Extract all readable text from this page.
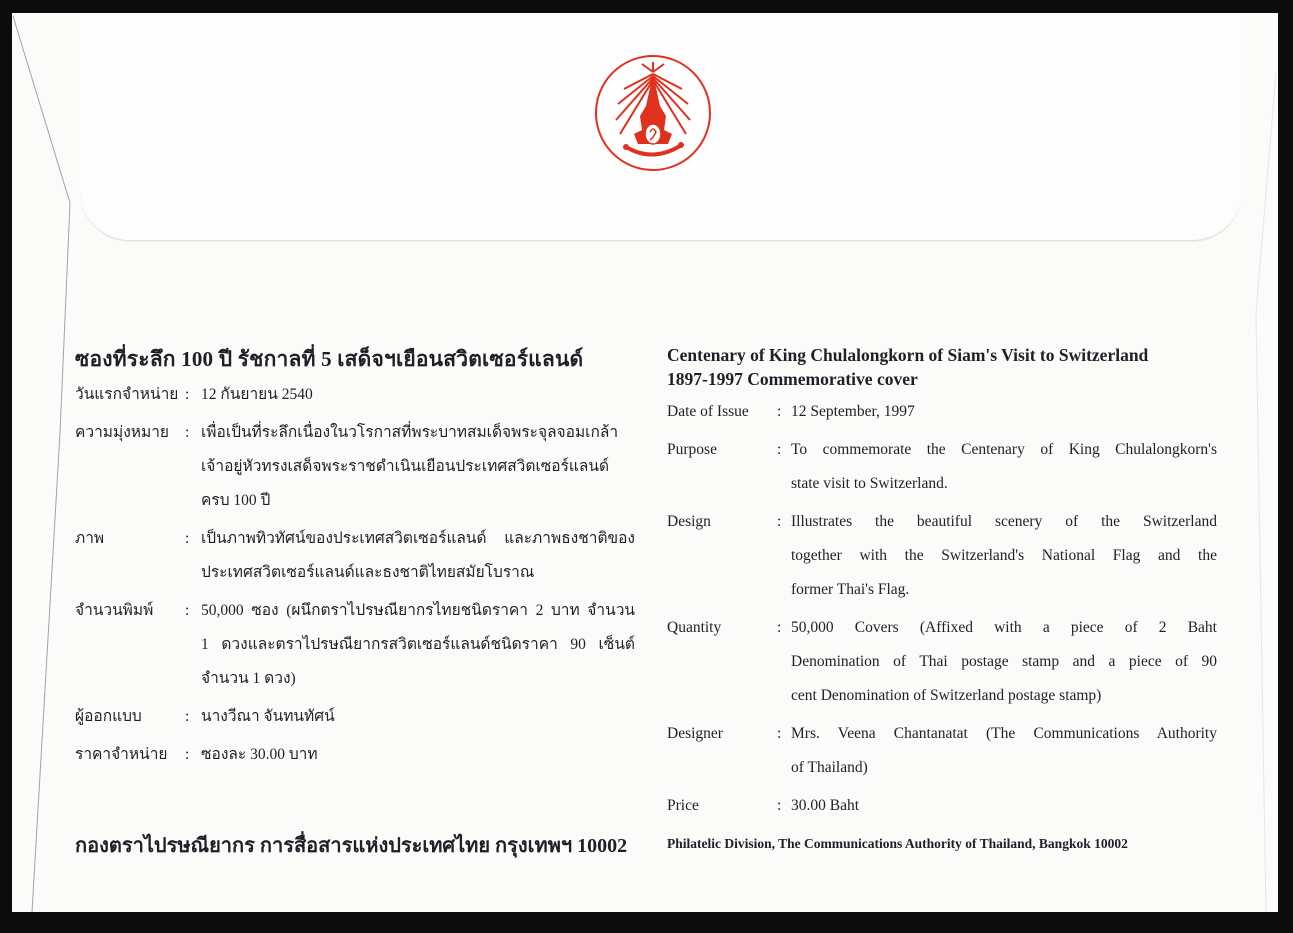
ซองที่ระลึก 100 ปี รัชกาลที่ 5 เสด็จฯเยือนสวิตเซอร์แลนด์
วันแรกจำหน่าย : 12 กันยายน 2540
ความมุ่งหมาย	: เพื่อเป็นที่ระลึกเนื่องในวโรกาสที่พระบาทสมเด็จพระจุลจอมเกล้า
เจ้าอยู่หัวทรงเสด็จพระราชดำเนินเยือนประเทศสวิตเซอร์แลนด์
ครบ 100 ปี
ภาพ	: เป็นภาพทิวทัศน์ของประเทศสวิตเซอร์แลนด์ และภาพธงชาติของ
ประเทศสวิตเซอร์แลนด์และธงชาติไทยสมัยโบราณ
จำนวนพิมพ์	: 50,000 ซอง (ผนึกตราไปรษณียากรไทยชนิดราคา 2 บาท จำนวน
1 ดวงและตราไปรษณียากรสวิตเซอร์แลนด์ชนิดราคา 90 เซ็นต์
จำนวน 1 ดวง)
ผู้ออกแบบ	: นางวีณา จันทนทัศน์
ราคาจำหน่าย	: ซองละ 30.00 บาท
กองตราไปรษณียากร การสื่อสารแห่งประเทศไทย กรุงเทพฯ 10002
Centenary of King Chulalongkorn of Siam's Visit to Switzerland
1897-1997 Commemorative cover
Date of Issue	: 12 September, 1997
Purpose	: To commemorate the Centenary of King Chulalongkorn's
state visit to Switzerland.
Design	: Illustrates the beautiful scenery of the Switzerland
together with the Switzerland's National Flag and the
former Thai's Flag.
Quantity	: 50,000 Covers (Affixed with a piece of 2 Baht
Denomination of Thai postage stamp and a piece of 90
cent Denomination of Switzerland postage stamp)
Designer	: Mrs. Veena Chantanatat (The Communications Authority
of Thailand)
Price	: 30.00 Baht
Philatelic Division, The Communications Authority of Thailand, Bangkok 10002
